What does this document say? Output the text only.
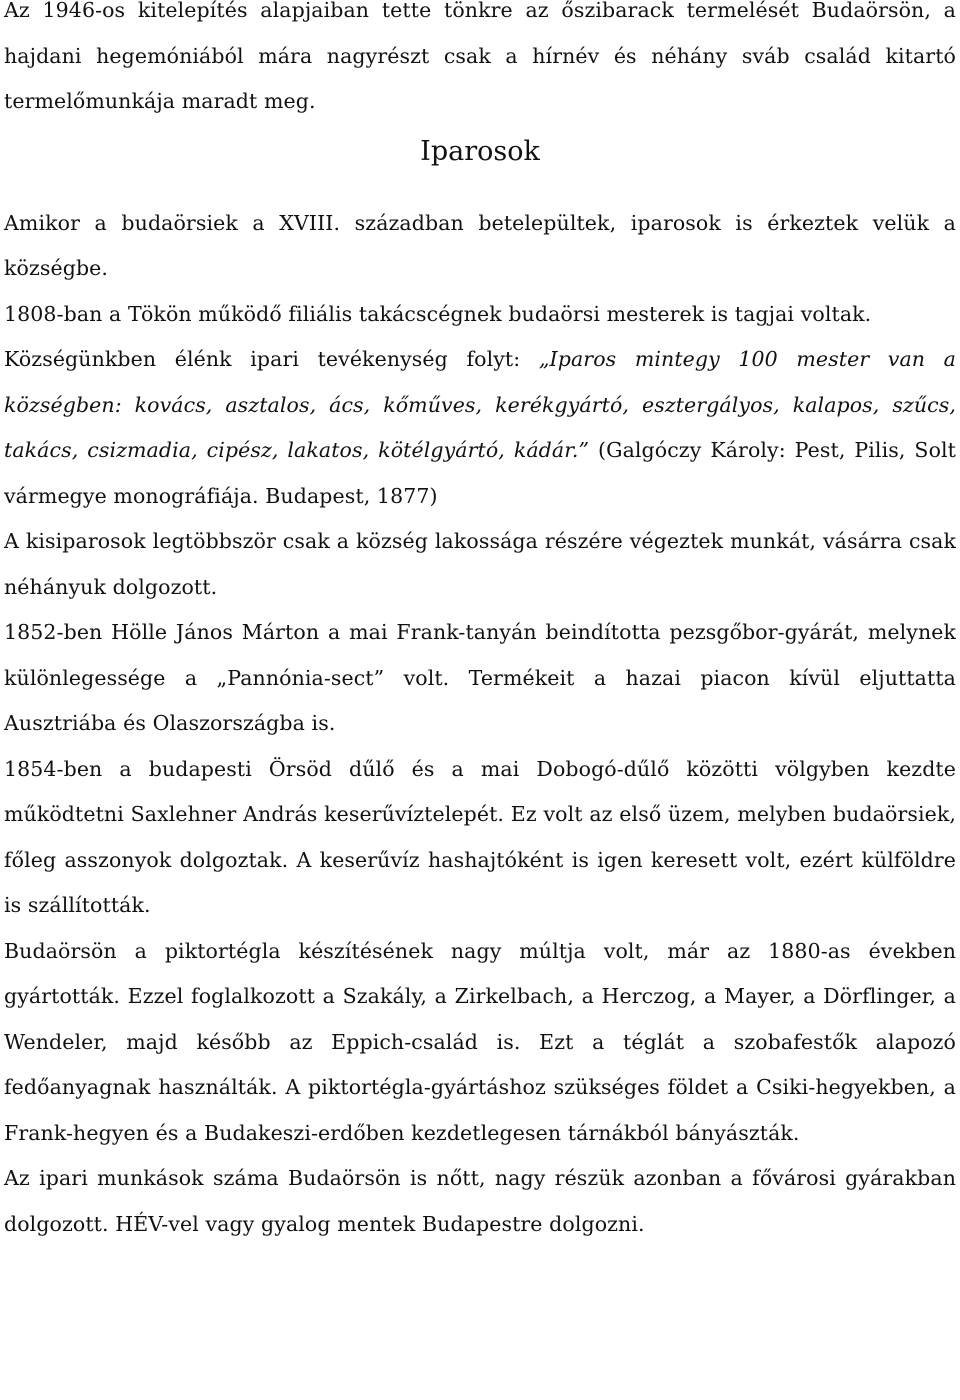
Az 1946-os kitelepítés alapjaiban tette tönkre az őszibarack termelését Budaörsön, a hajdani hegemóniából mára nagyrészt csak a hírnév és néhány sváb család kitartó termelőmunkája maradt meg.

Iparosok

Amikor a budaörsiek a XVIII. században betelepültek, iparosok is érkeztek velük a községbe.

1808-ban a Tökön működő filiális takácscégnek budaörsi mesterek is tagjai voltak.

Községünkben élénk ipari tevékenység folyt: „Iparos mintegy 100 mester van a községben: kovács, asztalos, ács, kőműves, kerékgyártó, esztergályos, kalapos, szűcs, takács, csizmadia, cipész, lakatos, kötélgyártó, kádár.” (Galgóczy Károly: Pest, Pilis, Solt vármegye monográfiája. Budapest, 1877)

A kisiparosok legtöbbször csak a község lakossága részére végeztek munkát, vásárra csak néhányuk dolgozott.

1852-ben Hölle János Márton a mai Frank-tanyán beindította pezsgőbor-gyárát, melynek különlegessége a „Pannónia-sect” volt. Termékeit a hazai piacon kívül eljuttatta Ausztriába és Olaszországba is.

1854-ben a budapesti Örsöd dűlő és a mai Dobogó-dűlő közötti völgyben kezdte működtetni Saxlehner András keserűvíztelepét. Ez volt az első üzem, melyben budaörsiek, főleg asszonyok dolgoztak. A keserűvíz hashajtóként is igen keresett volt, ezért külföldre is szállították.

Budaörsön a piktortégla készítésének nagy múltja volt, már az 1880-as években gyártották. Ezzel foglalkozott a Szakály, a Zirkelbach, a Herczog, a Mayer, a Dörflinger, a Wendeler, majd később az Eppich-család is. Ezt a téglát a szobafestők alapozó fedőanyagnak használták. A piktortégla-gyártáshoz szükséges földet a Csiki-hegyekben, a Frank-hegyen és a Budakeszi-erdőben kezdetlegesen tárnákból bányászták.

Az ipari munkások száma Budaörsön is nőtt, nagy részük azonban a fővárosi gyárakban dolgozott. HÉV-vel vagy gyalog mentek Budapestre dolgozni.
